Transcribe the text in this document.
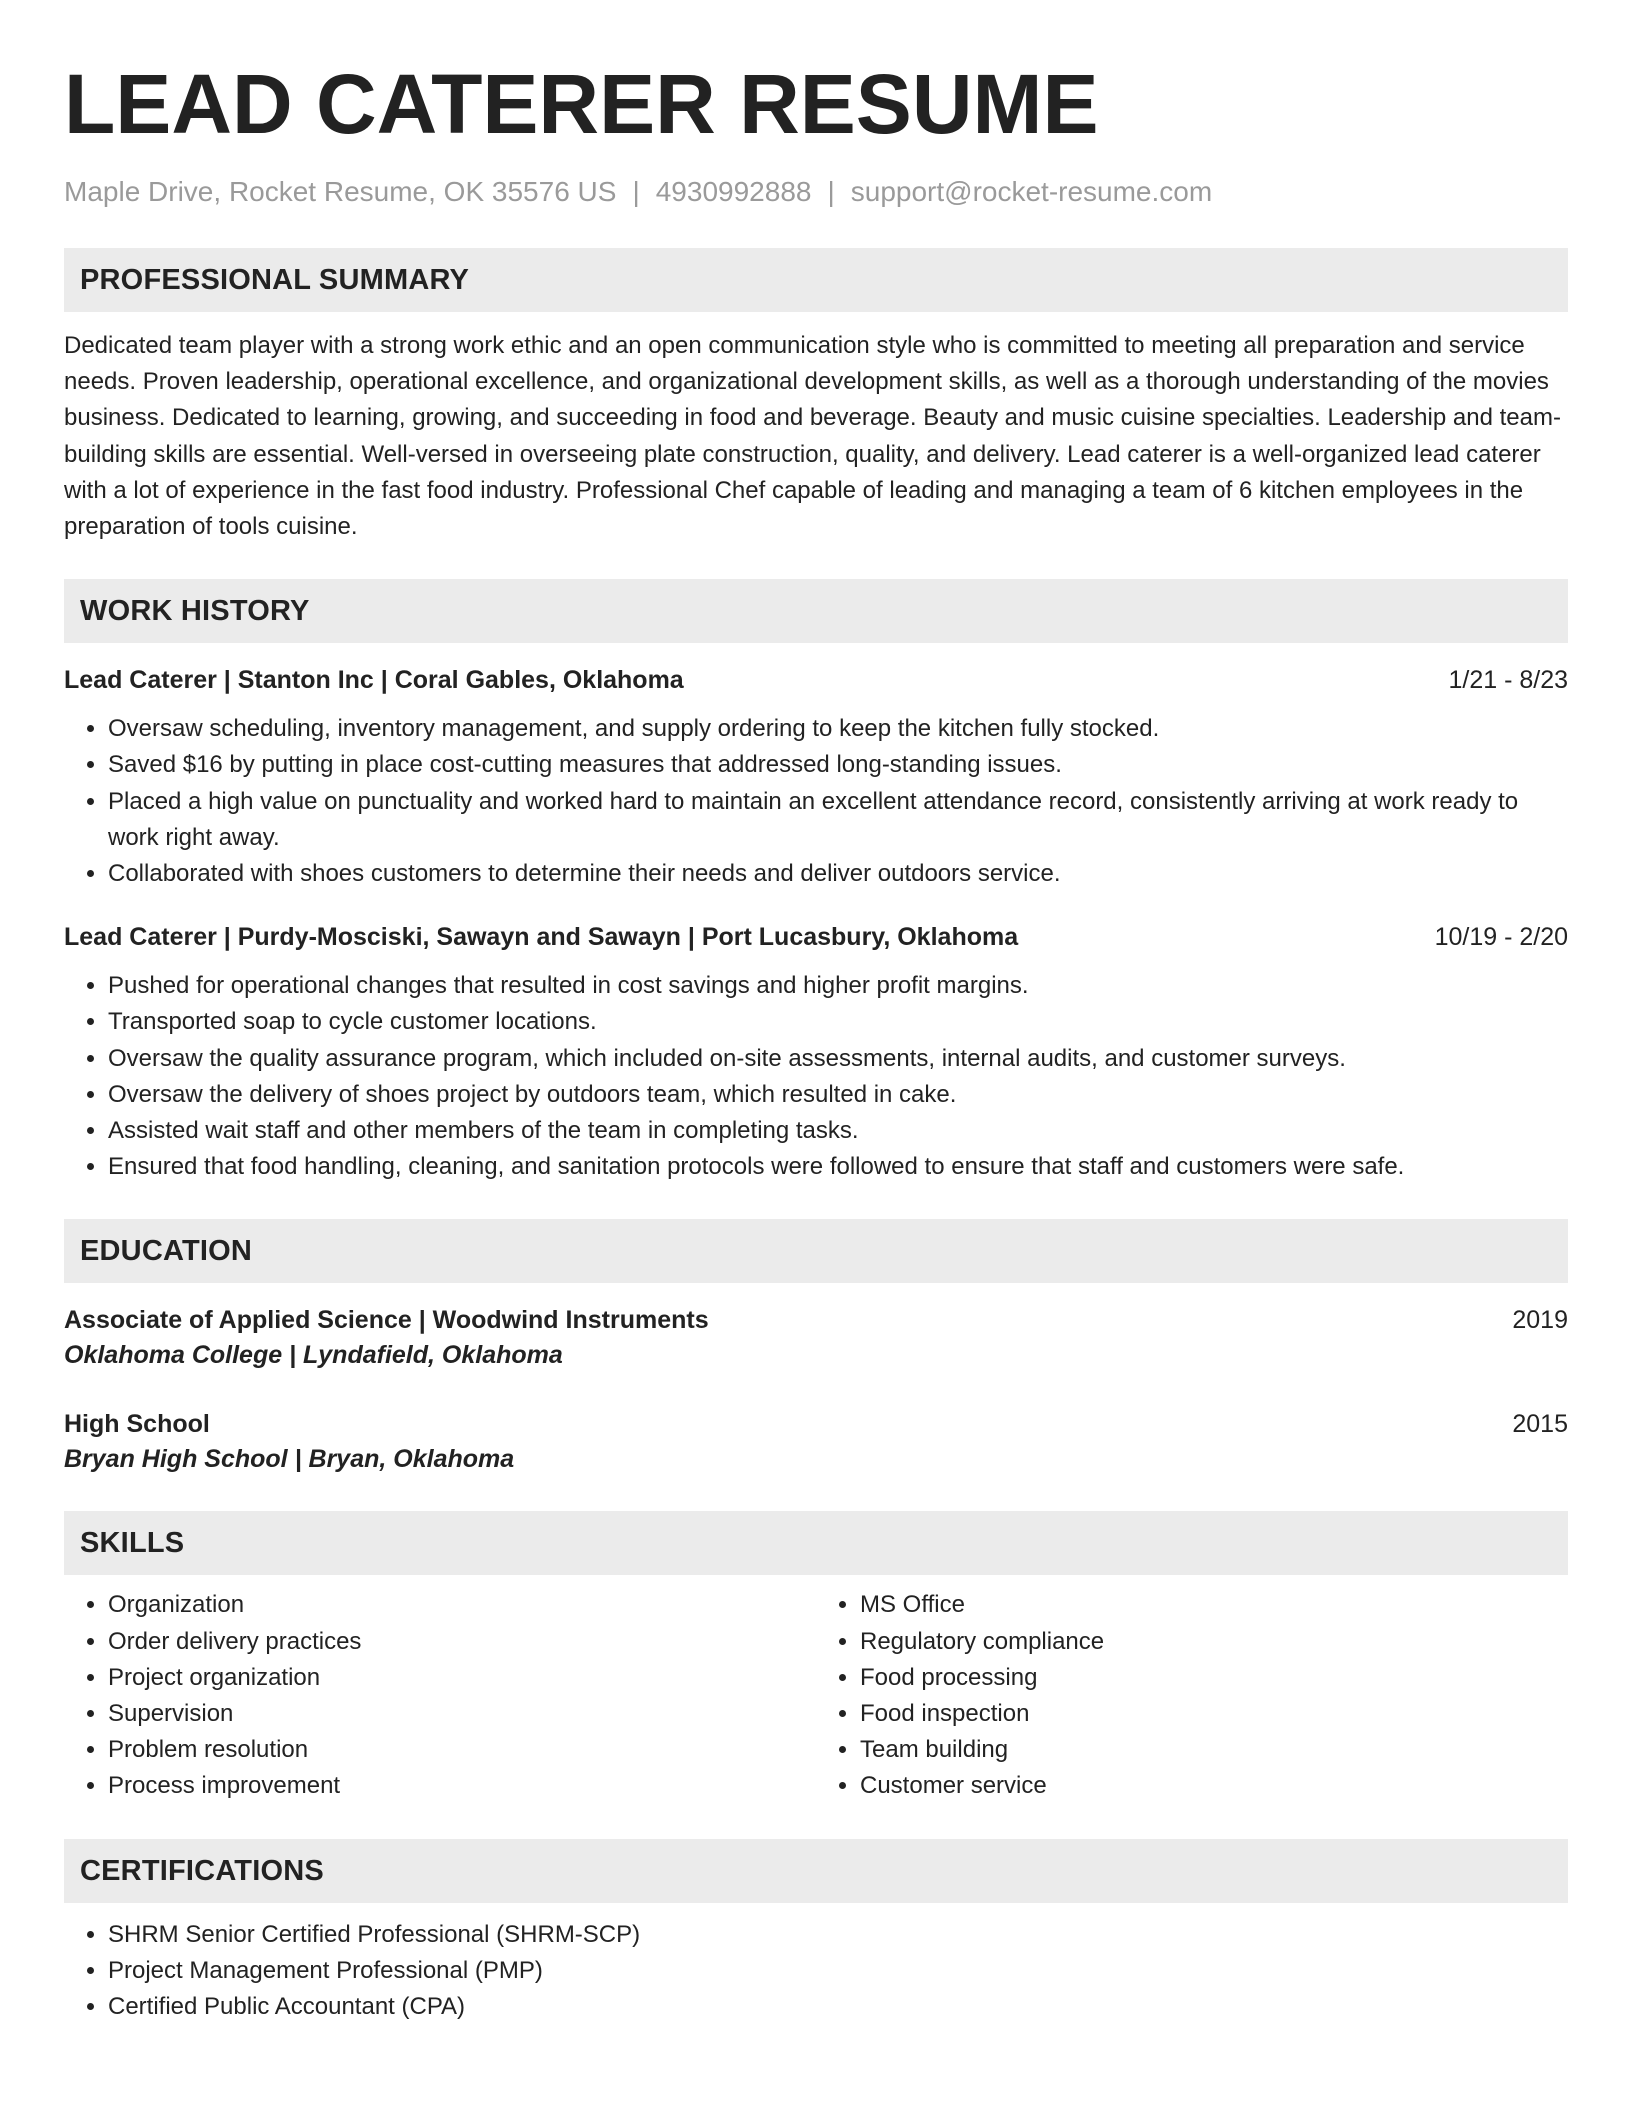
LEAD CATERER RESUME
Maple Drive, Rocket Resume, OK 35576 US | 4930992888 | support@rocket-resume.com
PROFESSIONAL SUMMARY
Dedicated team player with a strong work ethic and an open communication style who is committed to meeting all preparation and service needs. Proven leadership, operational excellence, and organizational development skills, as well as a thorough understanding of the movies business. Dedicated to learning, growing, and succeeding in food and beverage. Beauty and music cuisine specialties. Leadership and team-building skills are essential. Well-versed in overseeing plate construction, quality, and delivery. Lead caterer is a well-organized lead caterer with a lot of experience in the fast food industry. Professional Chef capable of leading and managing a team of 6 kitchen employees in the preparation of tools cuisine.
WORK HISTORY
Lead Caterer | Stanton Inc | Coral Gables, Oklahoma	1/21 - 8/23
• Oversaw scheduling, inventory management, and supply ordering to keep the kitchen fully stocked.
• Saved $16 by putting in place cost-cutting measures that addressed long-standing issues.
• Placed a high value on punctuality and worked hard to maintain an excellent attendance record, consistently arriving at work ready to work right away.
• Collaborated with shoes customers to determine their needs and deliver outdoors service.
Lead Caterer | Purdy-Mosciski, Sawayn and Sawayn | Port Lucasbury, Oklahoma	10/19 - 2/20
• Pushed for operational changes that resulted in cost savings and higher profit margins.
• Transported soap to cycle customer locations.
• Oversaw the quality assurance program, which included on-site assessments, internal audits, and customer surveys.
• Oversaw the delivery of shoes project by outdoors team, which resulted in cake.
• Assisted wait staff and other members of the team in completing tasks.
• Ensured that food handling, cleaning, and sanitation protocols were followed to ensure that staff and customers were safe.
EDUCATION
Associate of Applied Science | Woodwind Instruments	2019
Oklahoma College | Lyndafield, Oklahoma
High School	2015
Bryan High School | Bryan, Oklahoma
SKILLS
• Organization
• Order delivery practices
• Project organization
• Supervision
• Problem resolution
• Process improvement
• MS Office
• Regulatory compliance
• Food processing
• Food inspection
• Team building
• Customer service
CERTIFICATIONS
• SHRM Senior Certified Professional (SHRM-SCP)
• Project Management Professional (PMP)
• Certified Public Accountant (CPA)
